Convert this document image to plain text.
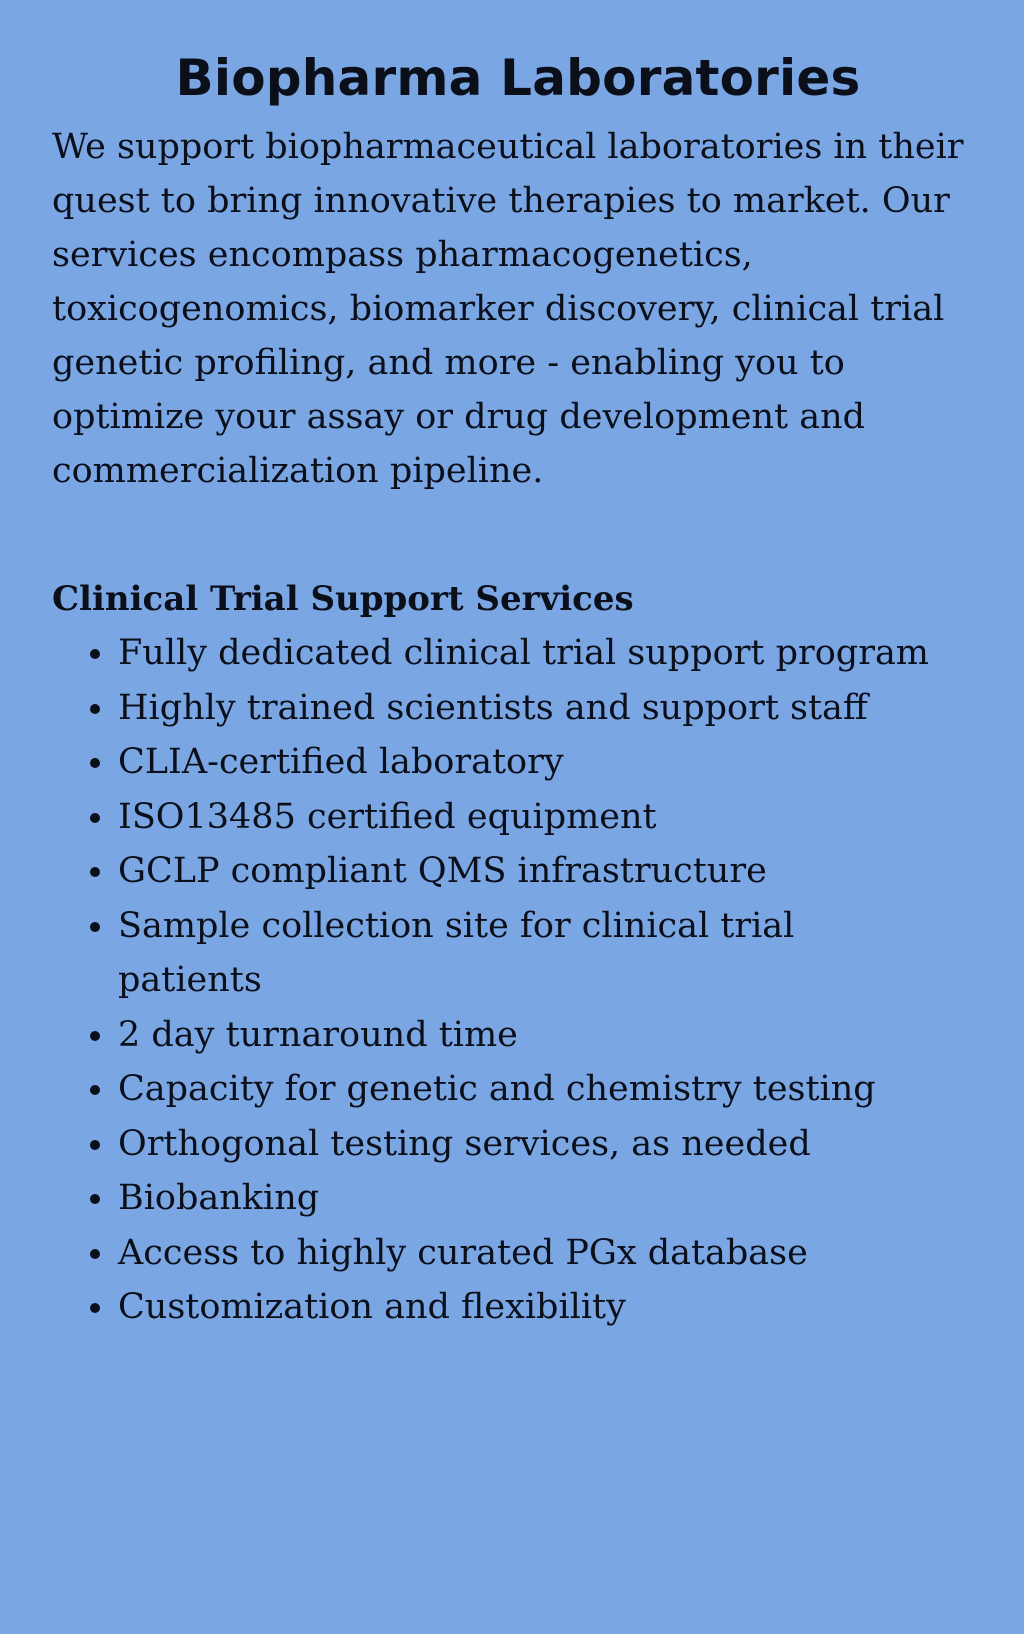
Biopharma Laboratories

We support biopharmaceutical laboratories in their quest to bring innovative therapies to market. Our services encompass pharmacogenetics, toxicogenomics, biomarker discovery, clinical trial genetic profiling, and more - enabling you to optimize your assay or drug development and commercialization pipeline.

Clinical Trial Support Services
Fully dedicated clinical trial support program
Highly trained scientists and support staff
CLIA-certified laboratory
ISO13485 certified equipment
GCLP compliant QMS infrastructure
Sample collection site for clinical trial patients
2 day turnaround time
Capacity for genetic and chemistry testing
Orthogonal testing services, as needed
Biobanking
Access to highly curated PGx database
Customization and flexibility
